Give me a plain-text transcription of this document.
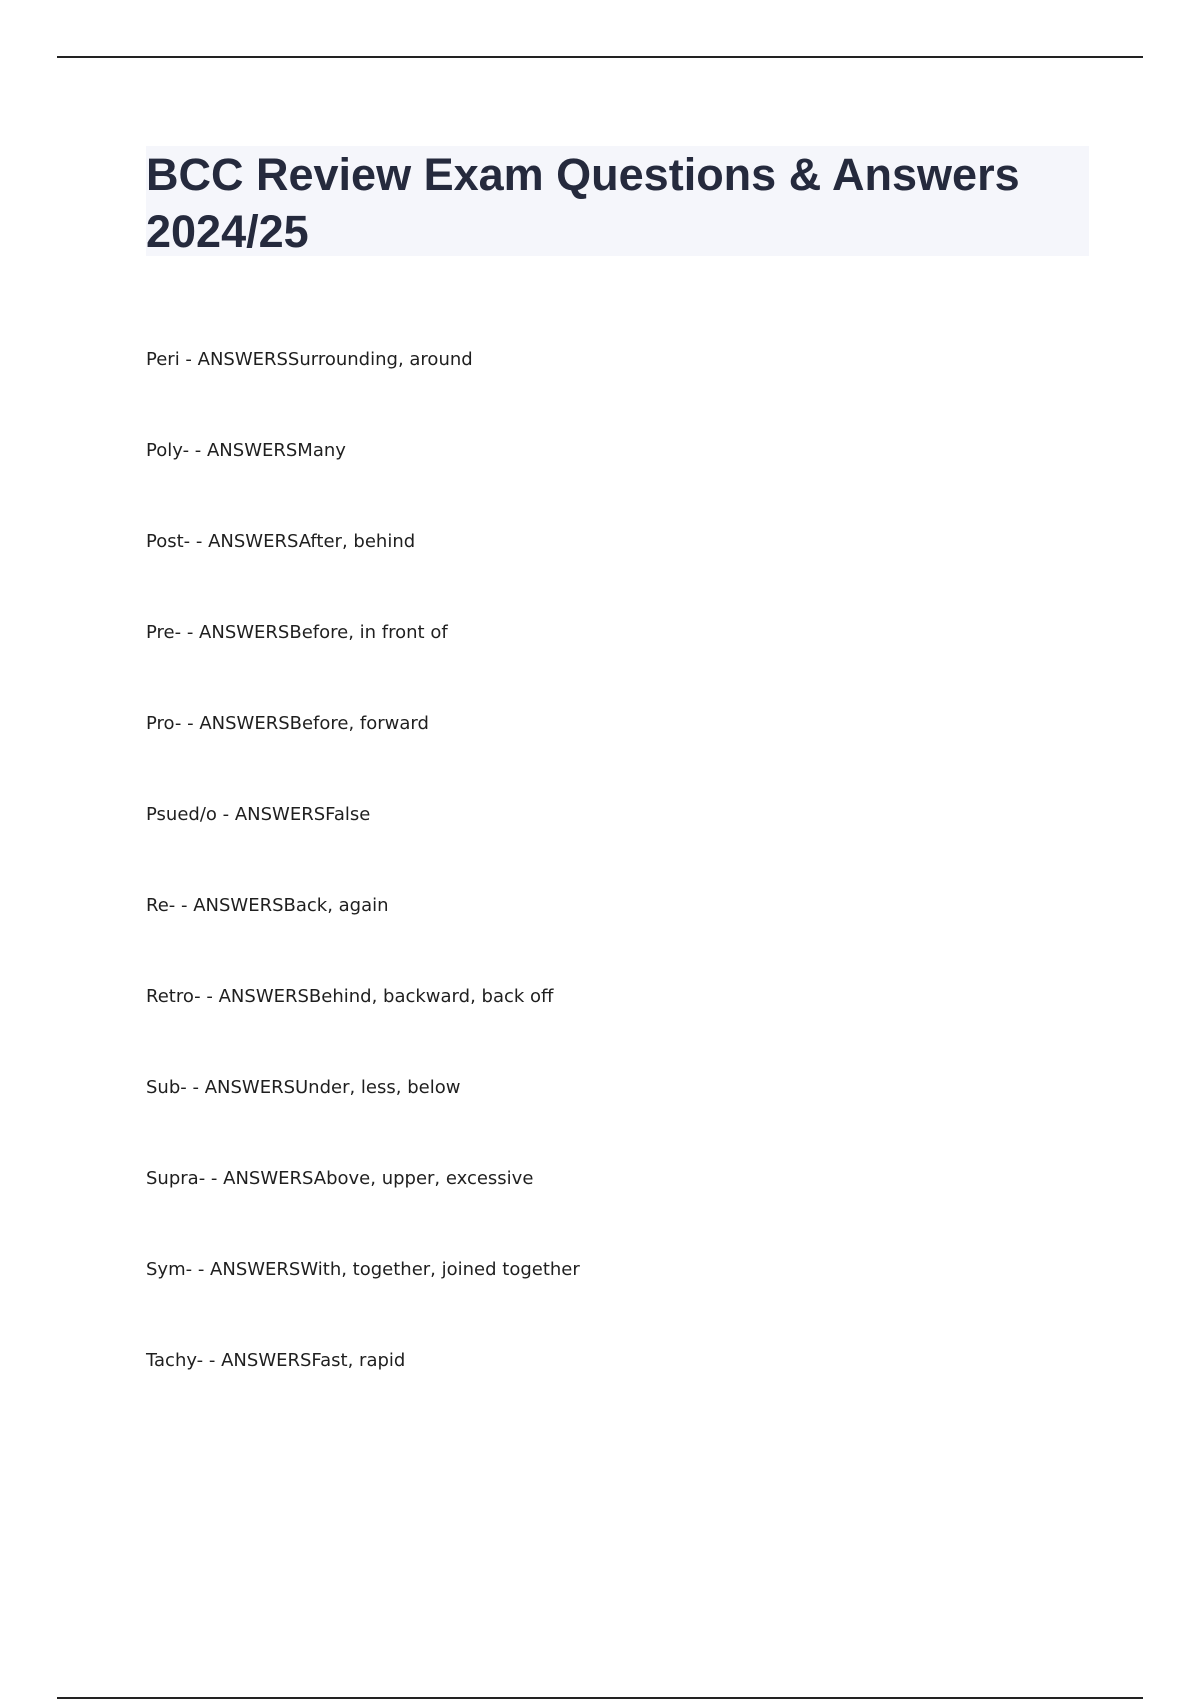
BCC Review Exam Questions & Answers 2024/25
Peri - ANSWERSSurrounding, around
Poly- - ANSWERSMany
Post- - ANSWERSAfter, behind
Pre- - ANSWERSBefore, in front of
Pro- - ANSWERSBefore, forward
Psued/o - ANSWERSFalse
Re- - ANSWERSBack, again
Retro- - ANSWERSBehind, backward, back off
Sub- - ANSWERSUnder, less, below
Supra- - ANSWERSAbove, upper, excessive
Sym- - ANSWERSWith, together, joined together
Tachy- - ANSWERSFast, rapid
